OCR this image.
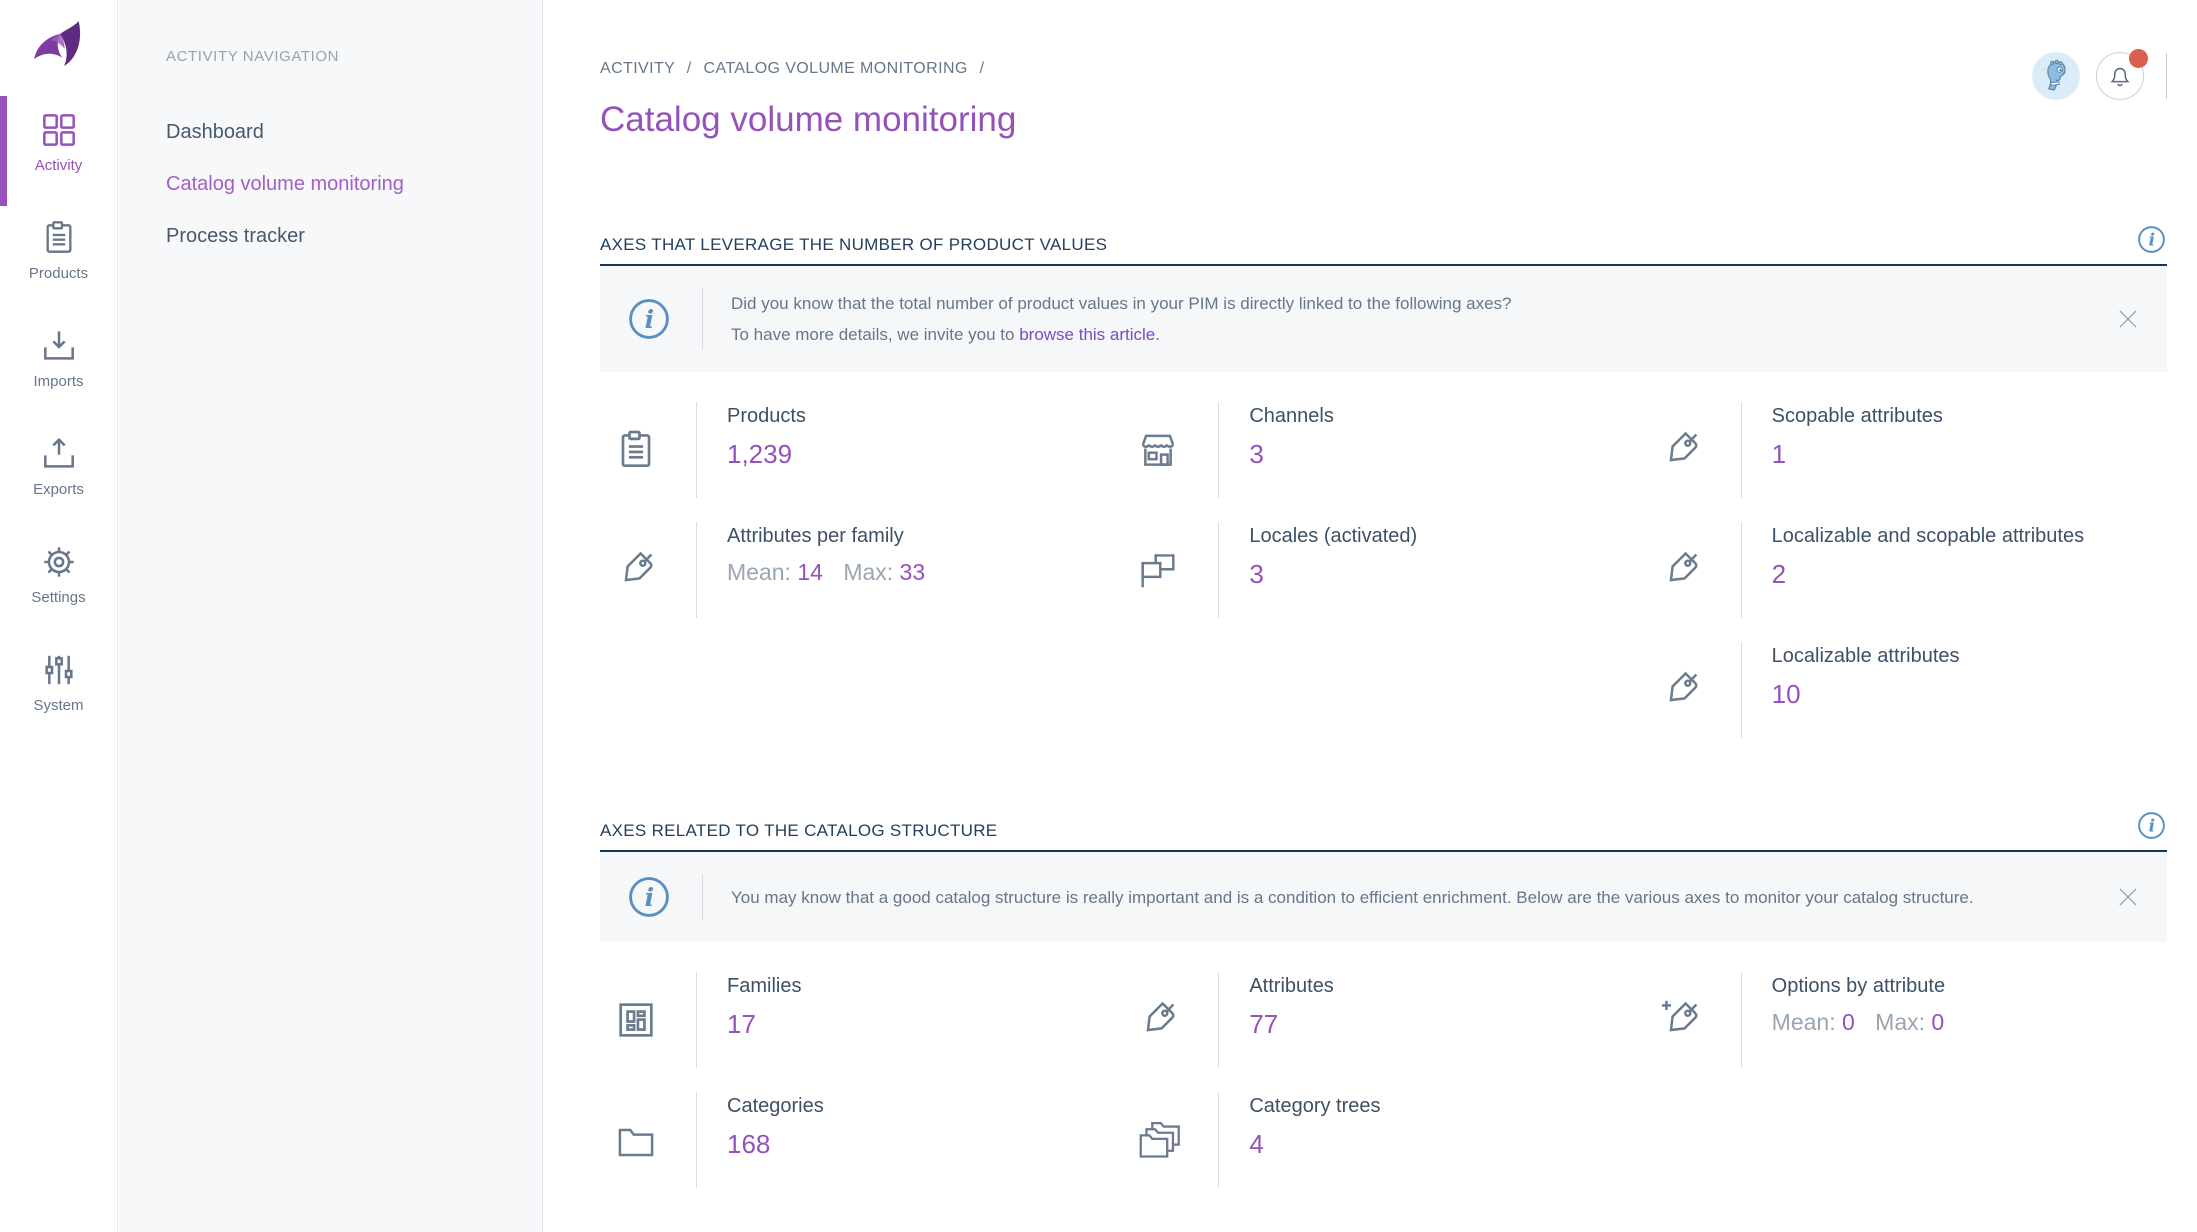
Activity
Products
Imports
Exports
Settings
System
ACTIVITY NAVIGATION
Dashboard
Catalog volume monitoring
Process tracker
ACTIVITY / CATALOG VOLUME MONITORING /
Catalog volume monitoring
AXES THAT LEVERAGE THE NUMBER OF PRODUCT VALUES
Did you know that the total number of product values in your PIM is directly linked to the following axes?
To have more details, we invite you to browse this article.
Products
1,239
Channels
3
Scopable attributes
1
Attributes per family
Mean: 14 Max: 33
Locales (activated)
3
Localizable and scopable attributes
2
Localizable attributes
10
AXES RELATED TO THE CATALOG STRUCTURE
You may know that a good catalog structure is really important and is a condition to efficient enrichment. Below are the various axes to monitor your catalog structure.
Families
17
Attributes
77
Options by attribute
Mean: 0 Max: 0
Categories
168
Category trees
4
